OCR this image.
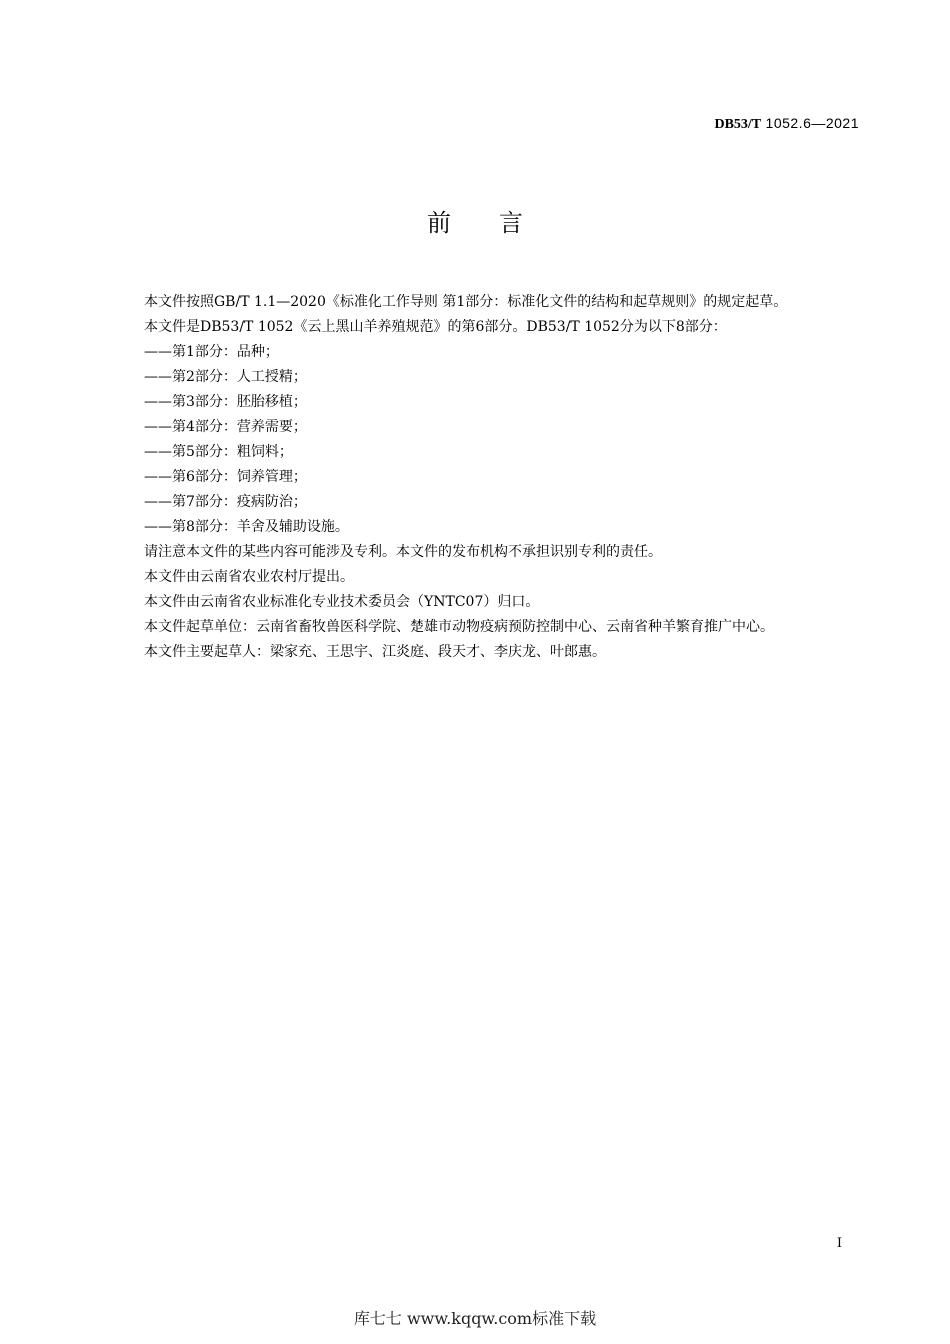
DB53/T 1052.6—2021
前言

本文件按照GB/T 1.1—2020《标准化工作导则 第1部分：标准化文件的结构和起草规则》的规定起草。

本文件是DB53/T 1052《云上黑山羊养殖规范》的第6部分。DB53/T 1052分为以下8部分：

——第1部分：品种；

——第2部分：人工授精；

——第3部分：胚胎移植；

——第4部分：营养需要；

——第5部分：粗饲料；

——第6部分：饲养管理；

——第7部分：疫病防治；

——第8部分：羊舍及辅助设施。

请注意本文件的某些内容可能涉及专利。本文件的发布机构不承担识别专利的责任。

本文件由云南省农业农村厅提出。

本文件由云南省农业标准化专业技术委员会（YNTC07）归口。

本文件起草单位：云南省畜牧兽医科学院、楚雄市动物疫病预防控制中心、云南省种羊繁育推广中心。

本文件主要起草人：梁家充、王思宇、江炎庭、段天才、李庆龙、叶郎惠。

I
库七七 www.kqqw.com标准下载
